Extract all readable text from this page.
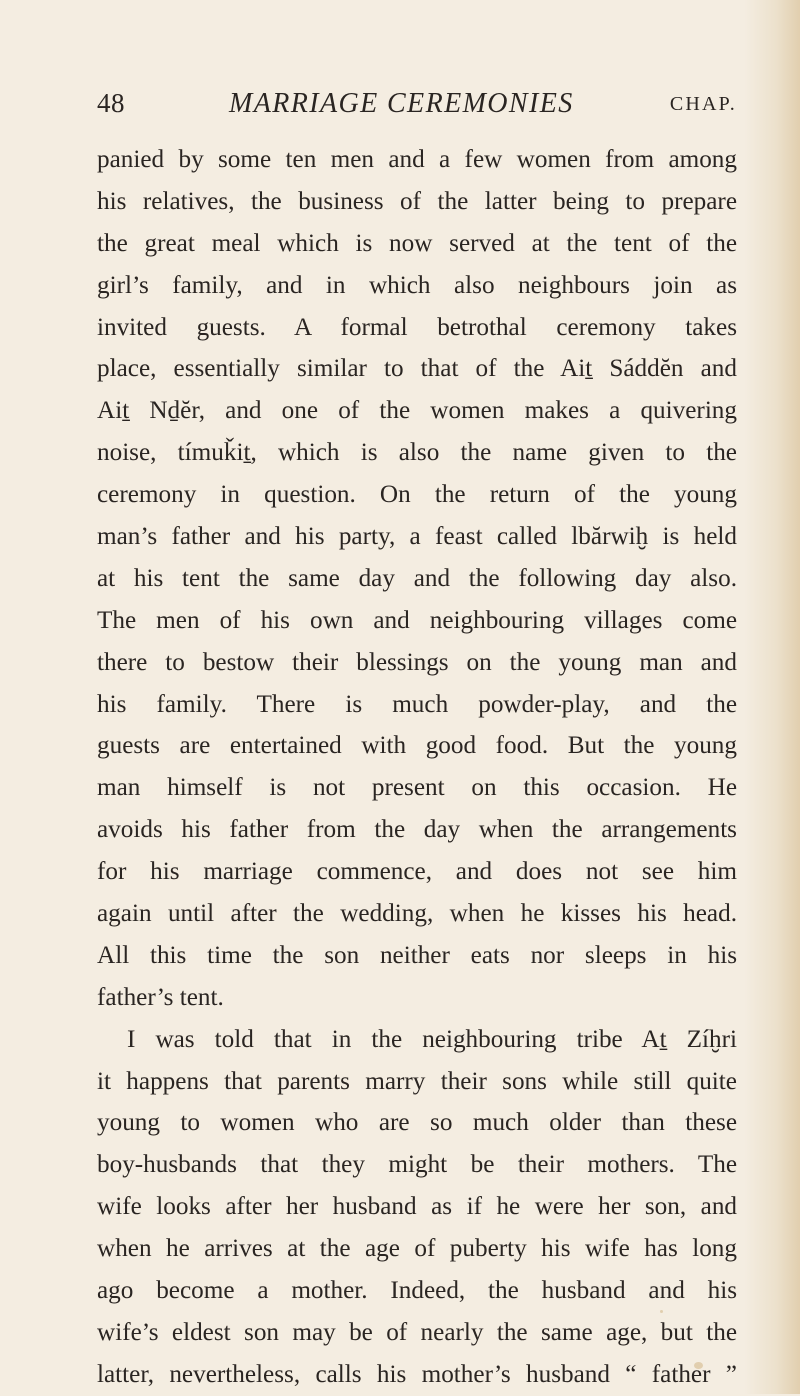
48	MARRIAGE CEREMONIES	CHAP.
panied by some ten men and a few women from among
his relatives, the business of the latter being to prepare
the great meal which is now served at the tent of the
girl’s family, and in which also neighbours join as
invited guests. A formal betrothal ceremony takes
place, essentially similar to that of the Aiṯ Sáddĕn and
Aiṯ Nḏĕr, and one of the women makes a quivering
noise, tímuǩiṯ, which is also the name given to the
ceremony in question. On the return of the young
man’s father and his party, a feast called lbărwiḫ is held
at his tent the same day and the following day also.
The men of his own and neighbouring villages come
there to bestow their blessings on the young man and
his family. There is much powder-play, and the
guests are entertained with good food. But the young
man himself is not present on this occasion. He
avoids his father from the day when the arrangements
for his marriage commence, and does not see him
again until after the wedding, when he kisses his head.
All this time the son neither eats nor sleeps in his
father’s tent.
I was told that in the neighbouring tribe Aṯ Zíḫri
it happens that parents marry their sons while still quite
young to women who are so much older than these
boy-husbands that they might be their mothers. The
wife looks after her husband as if he were her son, and
when he arrives at the age of puberty his wife has long
ago become a mother. Indeed, the husband and his
wife’s eldest son may be of nearly the same age, but the
latter, nevertheless, calls his mother’s husband “ father ”
